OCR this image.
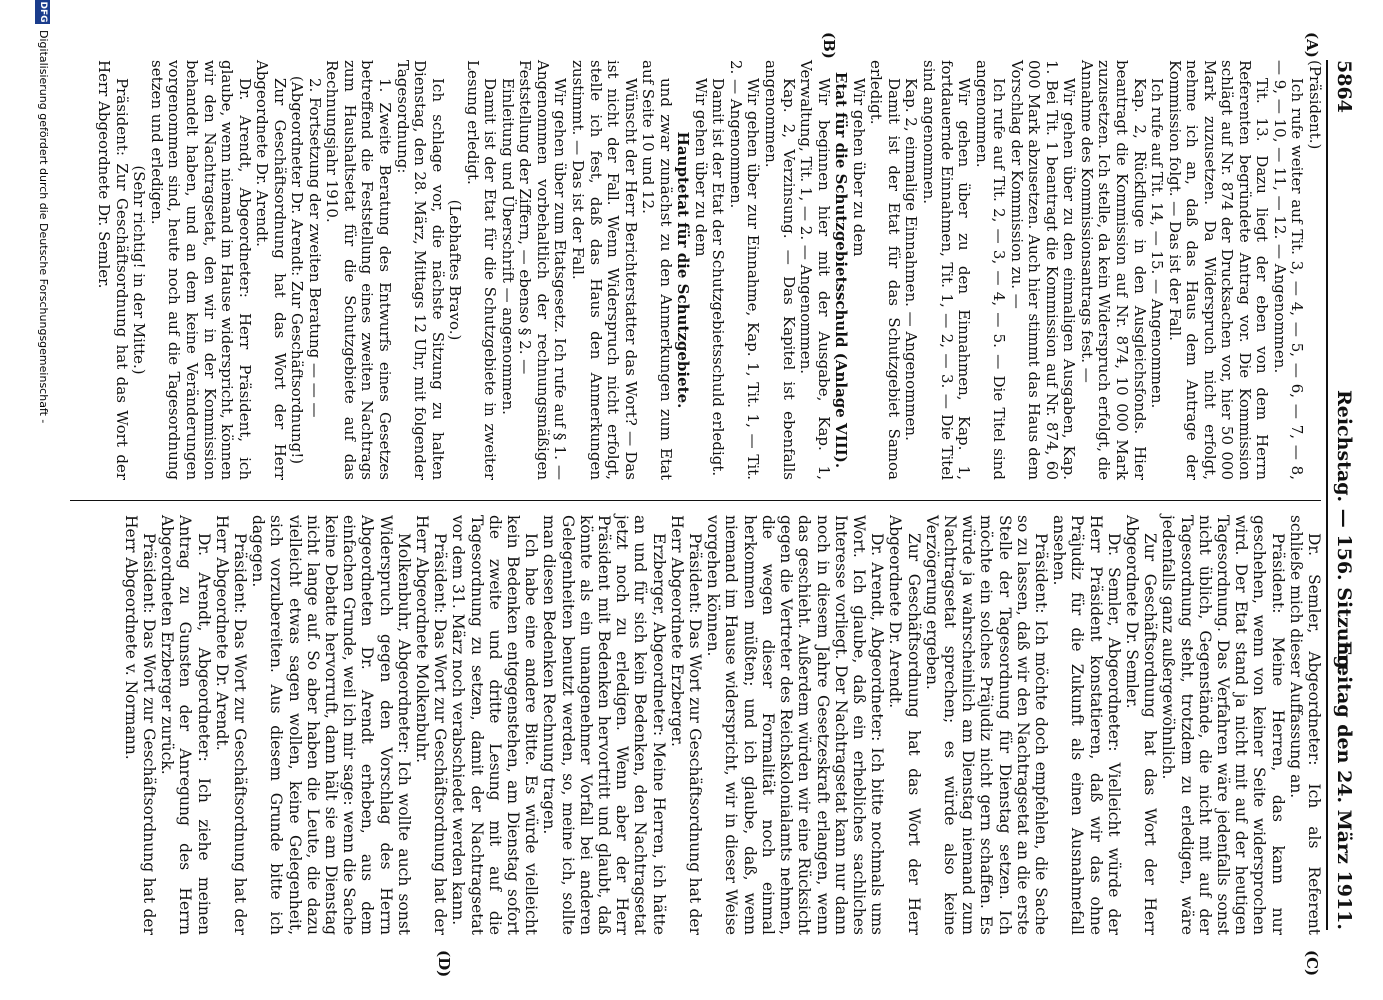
5864
Reichstag. — 156. Sitzung.
Freitag den 24. März 1911.
(A)
(B)
(C)
(D)

(Präsident.)

Ich rufe weiter auf Tit. 3, — 4, — 5, — 6, — 7, — 8, — 9, — 10, — 11, — 12. — Angenommen.

Tit. 13. Dazu liegt der eben von dem Herrn Referenten begründete Antrag vor. Die Kommission schlägt auf Nr. 874 der Drucksachen vor, hier 50 000 Mark zuzusetzen. Da Widerspruch nicht erfolgt, nehme ich an, daß das Haus dem Antrage der Kommission folgt. — Das ist der Fall.

Ich rufe auf Tit. 14, — 15. — Angenommen.

Kap. 2, Rückfluge in den Ausgleichsfonds. Hier beantragt die Kommission auf Nr. 874, 10 000 Mark zuzusetzen. Ich stelle, da kein Widerspruch erfolgt, die Annahme des Kommissionsantrags fest. —

Wir gehen über zu den einmaligen Ausgaben, Kap. 1. Bei Tit. 1 beantragt die Kommission auf Nr. 874, 60 000 Mark abzusetzen. Auch hier stimmt das Haus dem Vorschlag der Kommission zu. —

Ich rufe auf Tit. 2, — 3, — 4, — 5. — Die Titel sind angenommen.

Wir gehen über zu den Einnahmen, Kap. 1, fortdauernde Einnahmen, Tit. 1, — 2, — 3. — Die Titel sind angenommen.

Kap. 2, einmalige Einnahmen. — Angenommen.

Damit ist der Etat für das Schutzgebiet Samoa erledigt.

Wir gehen über zu dem

Etat für die Schutzgebietsschuld (Anlage VIII).

Wir beginnen hier mit der Ausgabe, Kap. 1, Verwaltung, Tit. 1, — 2. — Angenommen.

Kap. 2, Verzinsung. — Das Kapitel ist ebenfalls angenommen.

Wir gehen über zur Einnahme, Kap. 1, Tit. 1, — Tit. 2. — Angenommen.

Damit ist der Etat der Schutzgebietsschuld erledigt.

Wir gehen über zu dem

Hauptetat für die Schutzgebiete.

und zwar zunächst zu den Anmerkungen zum Etat auf Seite 10 und 12.

Wünscht der Herr Berichterstatter das Wort? — Das ist nicht der Fall. Wenn Widerspruch nicht erfolgt, stelle ich fest, daß das Haus den Anmerkungen zustimmt. — Das ist der Fall.

Wir gehen über zum Etatsgesetz. Ich rufe auf § 1. — Angenommen vorbehaltlich der rechnungsmäßigen Feststellung der Ziffern, — ebenso § 2. —

Einleitung und Überschrift — angenommen.

Damit ist der Etat für die Schutzgebiete in zweiter Lesung erledigt.

(Lebhaftes Bravo.)

Ich schlage vor, die nächste Sitzung zu halten Dienstag, den 28. März, Mittags 12 Uhr, mit folgender Tagesordnung:

1. Zweite Beratung des Entwurfs eines Gesetzes betreffend die Feststellung eines zweiten Nachtrags zum Haushaltsetat für die Schutzgebiete auf das Rechnungsjahr 1910.

2. Fortsetzung der zweiten Beratung — — —

(Abgeordneter Dr. Arendt: Zur Geschäftsordnung!)

Zur Geschäftsordnung hat das Wort der Herr Abgeordnete Dr. Arendt.

Dr. Arendt, Abgeordneter: Herr Präsident, ich glaube, wenn niemand im Hause widerspricht, können wir den Nachtragsetat, den wir in der Kommission behandelt haben, und an dem keine Veränderungen vorgenommen sind, heute noch auf die Tagesordnung setzen und erledigen.

(Sehr richtig! in der Mitte.)

Präsident: Zur Geschäftsordnung hat das Wort der Herr Abgeordnete Dr. Semler.

Dr. Semler, Abgeordneter: Ich als Referent schließe mich dieser Auffassung an.

Präsident: Meine Herren, das kann nur geschehen, wenn von keiner Seite widersprochen wird. Der Etat stand ja nicht mit auf der heutigen Tagesordnung. Das Verfahren wäre jedenfalls sonst nicht üblich, Gegenstände, die nicht mit auf der Tagesordnung steht, trotzdem zu erledigen, wäre jedenfalls ganz außergewöhnlich.

Zur Geschäftsordnung hat das Wort der Herr Abgeordnete Dr. Semler.

Dr. Semler, Abgeordneter: Vielleicht würde der Herr Präsident konstatieren, daß wir das ohne Präjudiz für die Zukunft als einen Ausnahmefall ansehen.

Präsident: Ich möchte doch empfehlen, die Sache so zu lassen, daß wir den Nachtragsetat an die erste Stelle der Tagesordnung für Dienstag setzen. Ich möchte ein solches Präjudiz nicht gern schaffen. Es würde ja wahrscheinlich am Dienstag niemand zum Nachtragsetat sprechen; es würde also keine Verzögerung ergeben.

Zur Geschäftsordnung hat das Wort der Herr Abgeordnete Dr. Arendt.

Dr. Arendt, Abgeordneter: Ich bitte nochmals ums Wort. Ich glaube, daß ein erhebliches sachliches Interesse vorliegt. Der Nachtragsetat kann nur dann noch in diesem Jahre Gesetzeskraft erlangen, wenn das geschieht. Außerdem würden wir eine Rücksicht gegen die Vertreter des Reichskolonialamts nehmen, die wegen dieser Formalität noch einmal herkommen müßten; und ich glaube, daß, wenn niemand im Hause widerspricht, wir in dieser Weise vorgehen können.

Präsident: Das Wort zur Geschäftsordnung hat der Herr Abgeordnete Erzberger.

Erzberger, Abgeordneter: Meine Herren, ich hätte an und für sich kein Bedenken, den Nachtragsetat jetzt noch zu erledigen. Wenn aber der Herr Präsident mit Bedenken hervortritt und glaubt, daß könnte als ein unangenehmer Vorfall bei anderen Gelegenheiten benutzt werden, so, meine ich, sollte man diesen Bedenken Rechnung tragen.

Ich habe eine andere Bitte. Es würde vielleicht kein Bedenken entgegenstehen, am Dienstag sofort die zweite und dritte Lesung mit auf die Tagesordnung zu setzen, damit der Nachtragsetat vor dem 31. März noch verabschiedet werden kann.

Präsident: Das Wort zur Geschäftsordnung hat der Herr Abgeordnete Molkenbuhr.

Molkenbuhr, Abgeordneter: Ich wollte auch sonst Widerspruch gegen den Vorschlag des Herrn Abgeordneten Dr. Arendt erheben, aus dem einfachen Grunde, weil ich mir sage: wenn die Sache keine Debatte hervorruft, dann hält sie am Dienstag nicht lange auf. So aber haben die Leute, die dazu vielleicht etwas sagen wollen, keine Gelegenheit, sich vorzubereiten. Aus diesem Grunde bitte ich dagegen.

Präsident: Das Wort zur Geschäftsordnung hat der Herr Abgeordnete Dr. Arendt.

Dr. Arendt, Abgeordneter: Ich ziehe meinen Antrag zu Gunsten der Anregung des Herrn Abgeordneten Erzberger zurück.

Präsident: Das Wort zur Geschäftsordnung hat der Herr Abgeordnete v. Normann.

DFG
Digitalisierung gefördert durch die Deutsche Forschungsgemeinschaft -
